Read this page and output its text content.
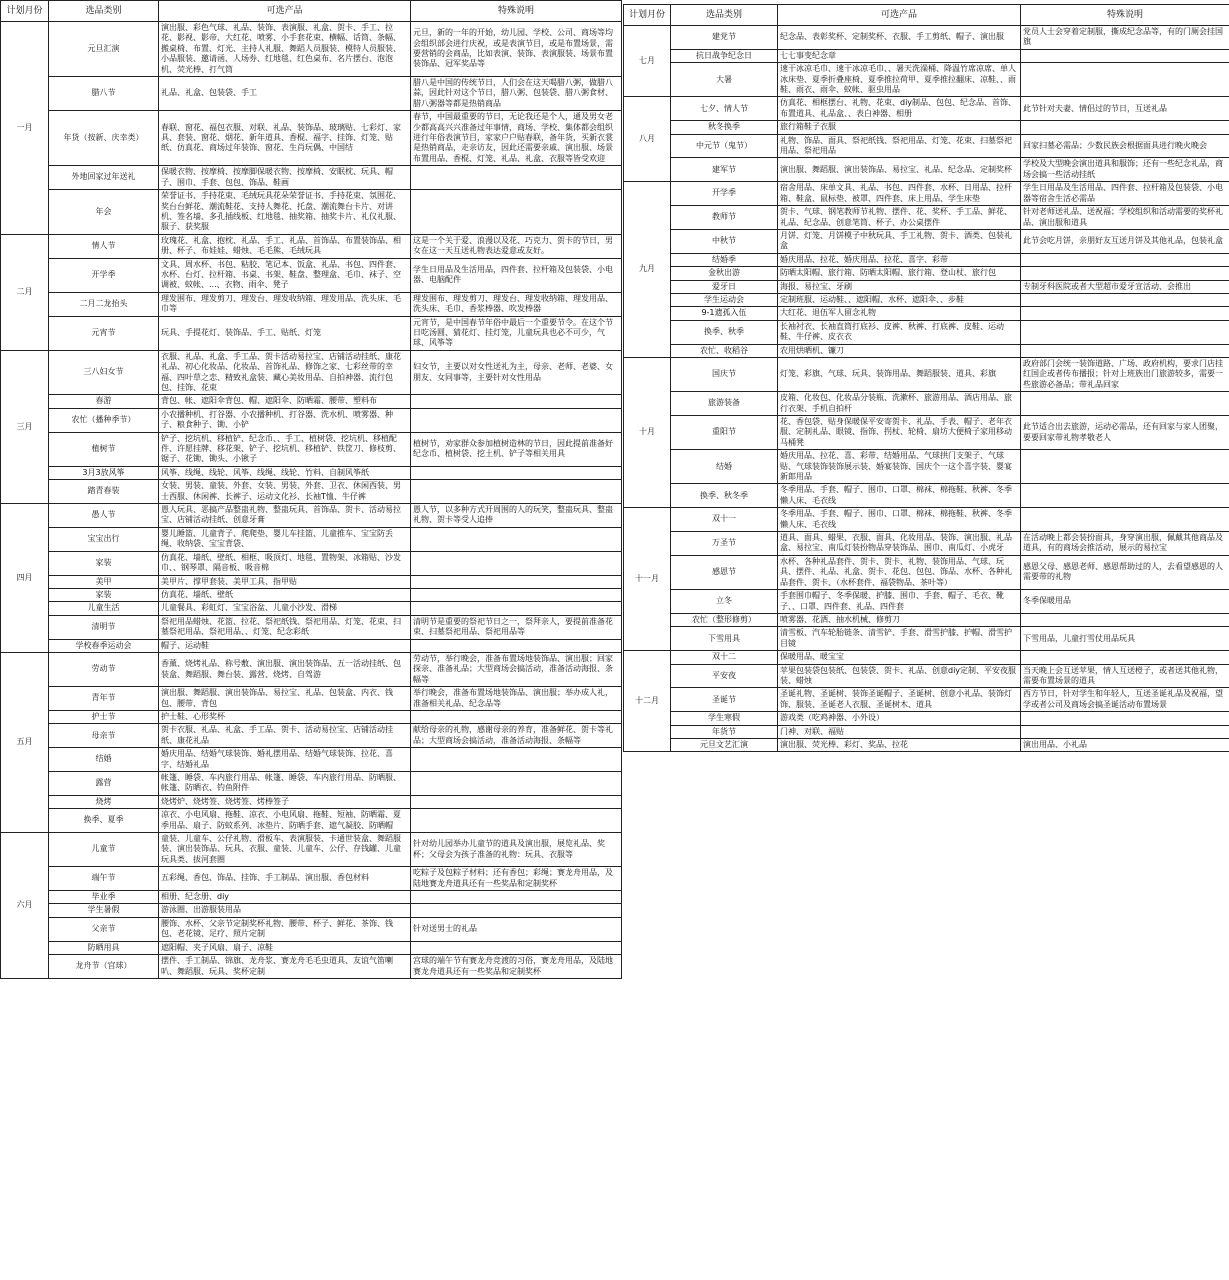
计划月份	选品类别	可选产品	特殊说明
一月	元旦汇演	演出服、彩色气球、礼品、装饰、表演服、礼盒、贺卡、手工、拉花、影视、影帝、大红花、喷雾、小手套花束、横幅、话筒、条幅、搬桌椅、布置、灯光、主持人礼服、舞蹈人员服装、模特人员服装、小品服装、邀请函、人场券、红地毯、红色桌布、名片摆台、泡泡机、荧光棒、打气筒	元旦，新的一年的开始，幼儿园、学校、公司、商场等均会组织部会进行庆祝，或是表演节目，或是布置场景，需要营销的会商品，比如表演、装饰、表演服装、场景布置装饰品、冠军奖品等
	腊八节	礼品、礼盒、包装袋、手工	腊八是中国的传统节日，人们会在这天喝腊八粥，做腊八蒜，因此针对这个节日，腊八粥、包装袋、腊八粥食材、腊八粥器等都是热销商品
	年货（按新、庆幸类）	春联、窗花、福包衣服、对联、礼品、装饰品、玻璃贴、七彩灯、家具、套装、窗花、烟花、新年道具、香棍、福字、挂饰、灯笼、贴纸、仿真花、商场过年装饰、窗花、生肖玩偶、中国结	春节，中国最重要的节日，无论我还是个人，通及男女老少都高高兴兴准备过年事情，商场、学校、集体都会组织进行年俗表演节目，家家户户贴春联，备年货，买新衣裳是热销商品，走亲访友，因此还需要亲戚、演出服、场景布置用品、香棍、灯笼、礼品、礼盒、衣服等皆受欢迎
	外地回家过年送礼	保暖衣物、按摩椅、按摩脚保暖衣物、按摩椅、安眠枕、玩具、帽子、围巾、手套、包包、饰品、鞋画	
	年会	荣誉证书、手持花束、毛绒玩具花朵荣誉证书、手持花束、氛围花、奖台台鲜花、潮流鞋花、支持人舞花、托盘、潮流舞台卡片、对讲机、签名墙、多孔插线板、红地毯、抽奖箱、抽奖卡片、礼仪礼服、服子、获奖服	
二月	情人节	玫瑰花、礼盒、抱枕、礼品、手工、礼品、首饰品、布置装饰品、相册、杯子、布娃娃、蜡烛、毛毛熊、毛绒玩具	这是一个关于爱、浪漫以及花、巧克力、贺卡的节日，男女在这一天互送礼物表达爱意或友好。
	开学季	文具、周水杯、书包、粘胶、笔记本、饭盒、礼品、书包、四件套、水杯、台灯、拉杆箱、书桌、书架、鞋盘、整理盒、毛巾、袜子、空调被、蚊帐、...、衣物、雨伞、凳子	学生日用品及生活用品，四件套、拉杆箱及包装袋、小电器、电脑配件
	二月二龙抬头	理发围布、理发剪刀、理发台、理发收纳箱、理发用品、洗头床、毛巾等	理发围布、理发剪刀、理发台、理发收纳箱、理发用品、洗头床、毛巾、香浆棒器、吹发棒器
	元宵节	玩具、手提花灯、装饰品、手工、贴纸、灯笼	元宵节，是中国春节年俗中最后一个重要节令。在这个节日吃汤圆、猜花灯、挂灯笼，儿童玩具也必不可少，气球、风筝等
三月	三八妇女节	衣服、礼品、礼盒、手工品、贺卡活动易拉宝、店铺活动挂纸、康花礼品、初心化妆品、化妆品、首饰礼品、修饰之家、七彩丝带的幸福、四叶草之恋、精致礼盒装、藏心美妆用品、自拍神器、流行包包、挂饰、花束	妇女节，主要以对女性送礼为主，母亲、老师、老婆、女朋友、女同事等，主要针对女性用品
	春游	背包、帐、遮阳伞背包、帽、遮阳伞、防晒霜、腰带、塑料布	
	农忙（播种季节）	小农播种机、打谷器、小农播种机、打谷器、洗水机、喷雾器、种子、粮食种子、锄、小铲	
	植树节	铲子、挖坑机、移植铲、纪念币、、手工、植树袋、挖坑机、移植配件、许愿挂牌、移花架、铲子、挖坑机、移植铲、铁筐刀、修枝剪、锯子、花锄、锄头、小锹子	植树节，劝家群众参加植树造林的节日，因此提前准备好纪念币、植树袋、挖土机、铲子等相关用具
	3月3放风筝	风筝、线绳、线轮、风筝、线绳、线轮、竹料、自制风筝纸	
	踏青春装	女装、男装、童装、外套、女装、男装、外套、卫衣、休闲西装、男士西服、休闲裤、长裤子、运动文化衫、长袖T恤、牛仔裤	
四月	愚人节	愚人玩具、恶搞产品整蛊礼物、整蛊玩具、首饰品、贺卡、活动易拉宝、店铺活动挂纸、创意牙膏	愚人节，以多种方式开周围的人的玩笑，整蛊玩具、整蛊礼物、贺卡等受人追捧
	宝宝出行	婴儿睡篮、儿童背子、爬爬垫、婴儿车挂篮、儿童推车、宝宝防丢绳、收纳袋、宝宝背袋、	
	家装	仿真花、墙纸、壁纸、相框、吸顶灯、地毯、置物架、冰箱贴、沙发巾、、钢琴罩、隔音板、吸音棉	
	美甲	美甲片、撑甲套装、美甲工具、指甲贴	
	家装	仿真花、墙纸、壁纸	
	儿童生活	儿童餐具、彩虹灯、宝宝浴盆、儿童小沙发、滑梯	
	清明节	祭祀用品蜡烛、花篮、拉花、祭祀纸钱、祭祀用品、灯笼、花束、扫墓祭祀用品、祭祀用品、、灯笼、纪念彩纸	清明节是重要的祭祀节日之一，祭拜亲人，要提前准备花束、扫墓祭祀用品、祭祀用品等
	学校春季运动会	帽子、运动鞋	
五月	劳动节	香薰、烧烤礼品、称号敷、演出服、演出装饰品、五一活动挂纸、包装盒、舞蹈服、舞台装、露营、烧烤、自驾游	劳动节，举行晚会，准备布置场地装饰品、演出服；回家探亲、准备礼品；大型商场会搞活动，准备活动海报、条幅等
	青年节	演出服、舞蹈服、演出装饰品、易拉宝、礼品、包装盒、内衣、钱包、腰带、背包	举行晚会，准备布置场地装饰品、演出服；举办成人礼，准备相关礼品、纪念品等
	护士节	护士鞋、心形奖杯	
	母亲节	贺卡衣服、礼品、礼盒、手工品、贺卡、活动易拉宝、店铺活动挂纸、康花礼品	献给母亲的礼物，感谢母亲的养育，准备鲜花、贺卡等礼品；大型商场会搞活动，准备活动海报、条幅等
	结婚	婚庆用品、结婚气球装饰、婚礼摆用品、结婚气球装饰、拉花、喜字、结婚礼品	
	露营	帐篷、睡袋、车内旅行用品、帐篷、睡袋、车内旅行用品、防晒服、帐篷、防晒衣、钓鱼附件	
	烧烤	烧烤炉、烧烤签、烧烤签、烤棒签子	
	换季、夏季	凉衣、小电风扇、拖鞋、凉衣、小电风扇、拖鞋、短袖、防晒霜、夏季用品、扇子、防蚊系列、冰垫片、防晒手套、遮气凝胶、防晒帽	
六月	儿童节	童装、儿童车、公仔礼物、滑板车、表演服装、卡通世装盒、舞蹈服装、演出装饰品、玩具、衣服、童装、儿童车、公仔、存钱罐、儿童玩具类、拔河套圈	针对幼儿园举办儿童节的道具及演出服，展览礼品、奖杯；父母会为孩子准备的礼物：玩具、衣服等
	端午节	五彩绳、香包、饰品、挂饰、手工制品、演出服、香包材料	吃粽子及包粽子材料；还有香包；彩绳；赛龙舟用品，及陆地赛龙舟道具还有一些奖品和定制奖杯
	毕业季	相册、纪念册、diy	
	学生暑假	游泳圈、出游服装用品	
	父亲节	腰饰、水杯、父亲节定制奖杯礼物、腰带、杯子、鲜花、茶饰、钱包、老花镜、足疗、照片定制	针对送男士的礼品
	防晒用具	遮阳帽、夹子风扇、扇子、凉鞋	
	龙舟节（宫球）	摆件、手工制品、锦旗、龙舟浆、赛龙舟毛毛虫道具、友谊气笛喇叭、舞蹈服、玩具、奖杯定制	宫球的端午节有赛龙舟竞渡的习俗，赛龙舟用品，及陆地赛龙舟道具还有一些奖品和定制奖杯
计划月份	选品类别	可选产品	特殊说明
七月	建党节	纪念品、表彰奖杯、定制奖杯、衣服、手工剪纸、帽子、演出服	党员人士会穿着定制服，撕成纪念品等，有的门厕会挂国旗
	抗日战争纪念日	七七事变纪念章	
	大暑	速干冰凉毛巾、速干冰凉毛巾、、暑天洗澡桶、降温竹席凉席、单人冰床垫、夏季折叠座椅、夏季推拉荷甲、夏季推拉翻床、凉鞋、、雨鞋、雨衣、雨伞、蚊帐、驱虫用品	
八月	七夕、情人节	仿真花、相框摆台、礼物、花束、diy制品、包包、纪念品、首饰、布置道具、礼品盒、、表白神器、相册	此节针对夫妻、情侣过的节日，互送礼品
	秋冬换季	旅行箱鞋子衣服	
	中元节（鬼节）	礼物、饰品、面具、祭祀纸钱、祭祀用品、灯笼、花束、扫墓祭祀用品、祭祀用品	回家扫墓必需品；少数民族会根据面具进行晚火晚会
	建军节	演出服、舞蹈服、演出装饰品、易拉宝、礼品、纪念品、定制奖杯	学校及大型晚会演出道具和服饰；还有一些纪念礼品，商场会搞一些活动挂纸
九月	开学季	宿舍用品、床单文具、礼品、书包、四件套、水杯、日用品、拉杆箱、鞋盒、鼠标垫、被罩、四件套、床上用品、学生床垫	学生日用品及生活用品、四件套、拉杆箱及包装袋、小电器等宿舍生活必需品
	教师节	贺卡、气球、钢笔教师节礼物、摆件、花、奖杯、手工品、鲜花、礼品、纪念品、创意笔筒、杯子、办公桌摆件	针对老师送礼品、送祝福；学校组织和活动需要的奖杯礼品、演出服和道具
	中秋节	月饼、灯笼、月饼模子中秋玩具、手工礼物、贺卡、酒类、包装礼盒	此节会吃月饼，亲朋好友互送月饼及其他礼品，包装礼盒
	结婚季	婚庆用品、拉花、婚庆用品、拉花、喜字、彩带	
	金秋出游	防晒太阳帽、旅行箱、防晒太阳帽、旅行箱、登山杖、旅行包	
	爱牙日	海报、易拉宝、牙刷	专制牙科医院或者大型超市爱牙宣活动、会推出
	学生运动会	定制班服、运动鞋、、遮阳帽、水杯、遮阳伞、、步鞋	
	9-1遗孤入伍	大红花、退伍军人留念礼物	
	换季、秋季	长袖衬衣、长袖直筒打底衫、皮裤、秋裤、打底裤、皮鞋、运动鞋、牛仔裤、皮衣衣	
	农忙、收稻谷	农用烘晒机、镰刀	
十月	国庆节	灯笼、彩旗、气球、玩具、装饰用品、舞蹈服装、道具、彩旗	政府部门会统一装饰道路、广场、政府机构，要求门店挂红国企或者传布播报；针对上班族出门旅游较多，需要一些旅游必备品；带礼品回家
	旅游装备	皮箱、化妆包、化妆品分装瓶、洗漱杯、旅游用品、酒店用品、旅行衣架、手机自拍杆	
	重阳节	花、香包袋、贴身保暖保平安寄贺卡、礼品、手表、帽子、老年衣服、定制礼品、眼镜、指饰、拐杖、轮椅、扇坊大便椅子家用移动马桶凳	此节适合出去旅游，运动必需品，还有回家与家人团聚，要要回家带礼物孝敬老人
	结婚	婚庆用品、拉花、喜、彩带、结婚用品、气球拱门支架子、气球贴、气球装饰装饰展示装、婚宴装饰、国庆个一这个喜字装、婴宴新郎用品	
	换季、秋冬季	冬季用品、手套、帽子、围巾、口罩、棉袜、棉拖鞋、秋裤、冬季懒人床、毛衣线	
十一月	双十一	冬季用品、手套、帽子、围巾、口罩、棉袜、棉拖鞋、秋裤、冬季懒人床、毛衣线	
	万圣节	道具、面具、蜡果、衣服、面具、化妆用品、装饰、演出服、礼品盒、易拉宝、南瓜灯装扮物品穿装饰品、围巾、南瓜灯、小虎牙	在活动晚上都会装扮面具，身穿演出服，佩戴其他商品及道具，有的商场会推活动，展示的易拉宝
	感恩节	水杯、各种礼品套件、贺卡、贺卡、礼物、装饰用品、气球、玩具、摆件、礼品、礼盒、贺卡、花包、包包、饰品、水杯、各种礼品套件、贺卡、（水杯套件、福袋物品、茶叶等）	感恩父母、感恩老师、感恩帮助过的人，去看望感恩的人需要带的礼物
	立冬	手套围巾帽子、冬季保暖、护膝、围巾、手套、帽子、毛衣、靴子、、口罩、四件套、礼品、四件套	冬季保暖用品
	农忙（整形修剪）	喷雾器、花洒、抽水机械、修剪刀	
	下雪用具	清雪板、汽车轮胎链条、清雪铲、手套、滑雪护膝、护帽、滑雪护目镜	下雪用品，儿童打雪仗用品玩具
十二月	双十二	保暖用品、暖宝宝	
	平安夜	苹果包装袋包装纸、包装袋、贺卡、礼品、创意diy定制、平安夜服装、蜡烛	当天晚上会互送苹果，情人互送橙子，或者送其他礼物，需要布置场景的道具
	圣诞节	圣诞礼物、圣诞树、装饰圣诞帽子、圣诞树、创意小礼品、装饰灯饰、服装、圣诞老人衣服、圣诞树木、道具	西方节日，针对学生和年轻人，互送圣诞礼品及祝福，望学或者公司及商场会搞圣诞活动布置场景
	学生寒假	游戏类（吃鸡神器、小外设）	
	年货节	门神、对联、福贴	
	元旦文艺汇演	演出服、荧光棒、彩灯、奖品、拉花	演出用品、小礼品
